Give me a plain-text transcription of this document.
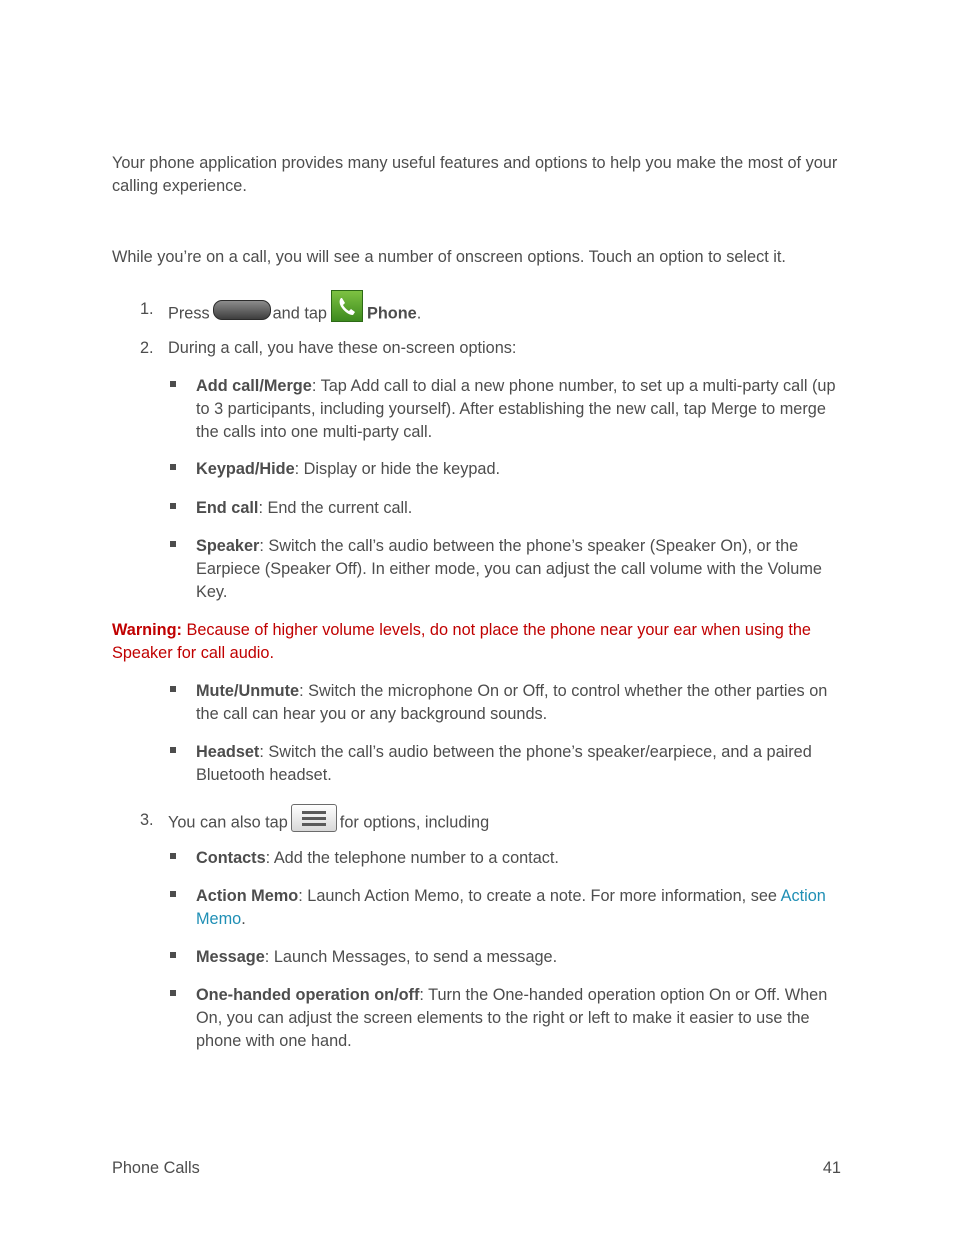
Your phone application provides many useful features and options to help you make the most of your calling experience.

While you’re on a call, you will see a number of onscreen options. Touch an option to select it.

1. Press	and tap Phone.
2. During a call, you have these on-screen options:

Add call/Merge: Tap Add call to dial a new phone number, to set up a multi-party call (up to 3 participants, including yourself). After establishing the new call, tap Merge to merge the calls into one multi-party call.

Keypad/Hide: Display or hide the keypad.

End call: End the current call.

Speaker: Switch the call’s audio between the phone’s speaker (Speaker On), or the Earpiece (Speaker Off). In either mode, you can adjust the call volume with the Volume Key.

Warning: Because of higher volume levels, do not place the phone near your ear when using the Speaker for call audio.

Mute/Unmute: Switch the microphone On or Off, to control whether the other parties on the call can hear you or any background sounds.

Headset: Switch the call’s audio between the phone’s speaker/earpiece, and a paired Bluetooth headset.

3. You can also tap	for options, including

Contacts: Add the telephone number to a contact.

Action Memo: Launch Action Memo, to create a note. For more information, see Action Memo.

Message: Launch Messages, to send a message.

One-handed operation on/off: Turn the One-handed operation option On or Off. When On, you can adjust the screen elements to the right or left to make it easier to use the phone with one hand.

Phone Calls	41
